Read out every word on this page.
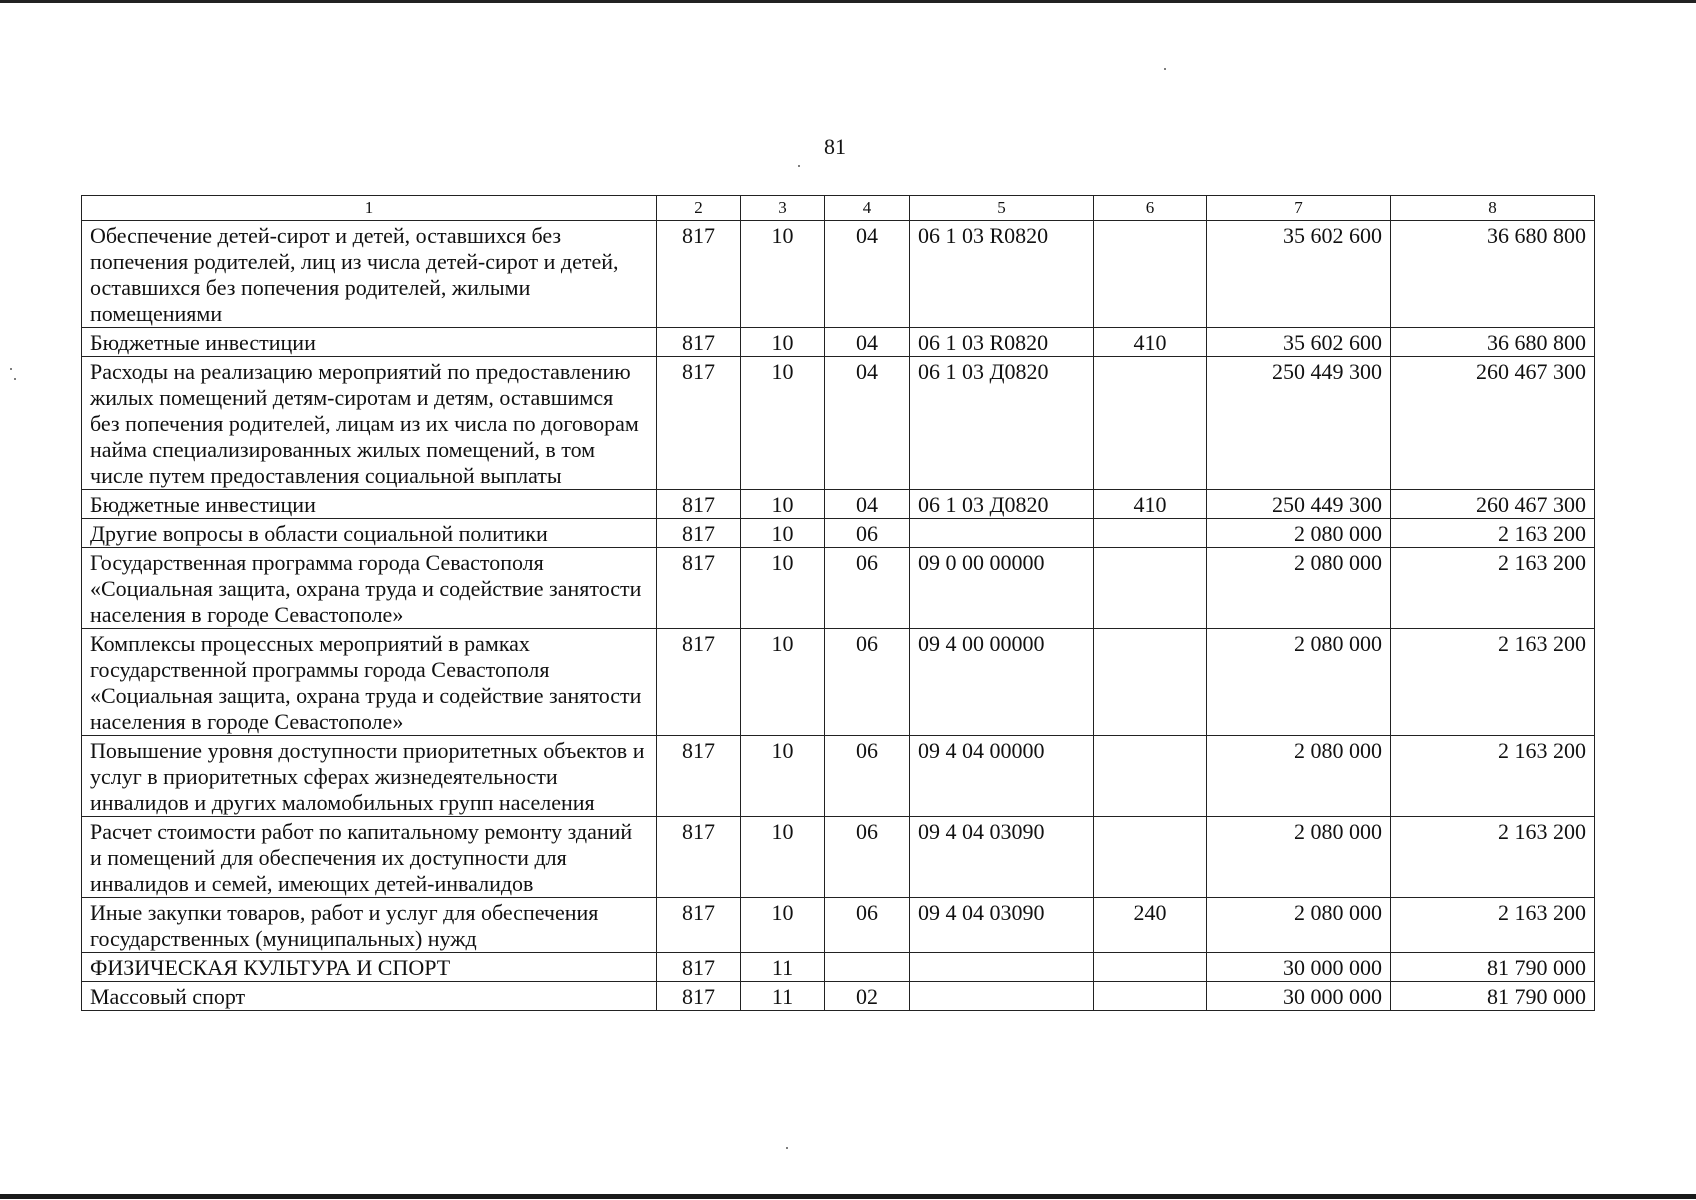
81
1	2	3	4	5	6	7	8
Обеспечение детей-сирот и детей, оставшихся без попечения родителей, лиц из числа детей-сирот и детей, оставшихся без попечения родителей, жилыми помещениями	817	10	04	06 1 03 R0820		35 602 600	36 680 800
Бюджетные инвестиции	817	10	04	06 1 03 R0820	410	35 602 600	36 680 800
Расходы на реализацию мероприятий по предоставлению жилых помещений детям-сиротам и детям, оставшимся без попечения родителей, лицам из их числа по договорам найма специализированных жилых помещений, в том числе путем предоставления социальной выплаты	817	10	04	06 1 03 Д0820		250 449 300	260 467 300
Бюджетные инвестиции	817	10	04	06 1 03 Д0820	410	250 449 300	260 467 300
Другие вопросы в области социальной политики	817	10	06			2 080 000	2 163 200
Государственная программа города Севастополя «Социальная защита, охрана труда и содействие занятости населения в городе Севастополе»	817	10	06	09 0 00 00000		2 080 000	2 163 200
Комплексы процессных мероприятий в рамках государственной программы города Севастополя «Социальная защита, охрана труда и содействие занятости населения в городе Севастополе»	817	10	06	09 4 00 00000		2 080 000	2 163 200
Повышение уровня доступности приоритетных объектов и услуг в приоритетных сферах жизнедеятельности инвалидов и других маломобильных групп населения	817	10	06	09 4 04 00000		2 080 000	2 163 200
Расчет стоимости работ по капитальному ремонту зданий и помещений для обеспечения их доступности для инвалидов и семей, имеющих детей-инвалидов	817	10	06	09 4 04 03090		2 080 000	2 163 200
Иные закупки товаров, работ и услуг для обеспечения государственных (муниципальных) нужд	817	10	06	09 4 04 03090	240	2 080 000	2 163 200
ФИЗИЧЕСКАЯ КУЛЬТУРА И СПОРТ	817	11				30 000 000	81 790 000
Массовый спорт	817	11	02			30 000 000	81 790 000
